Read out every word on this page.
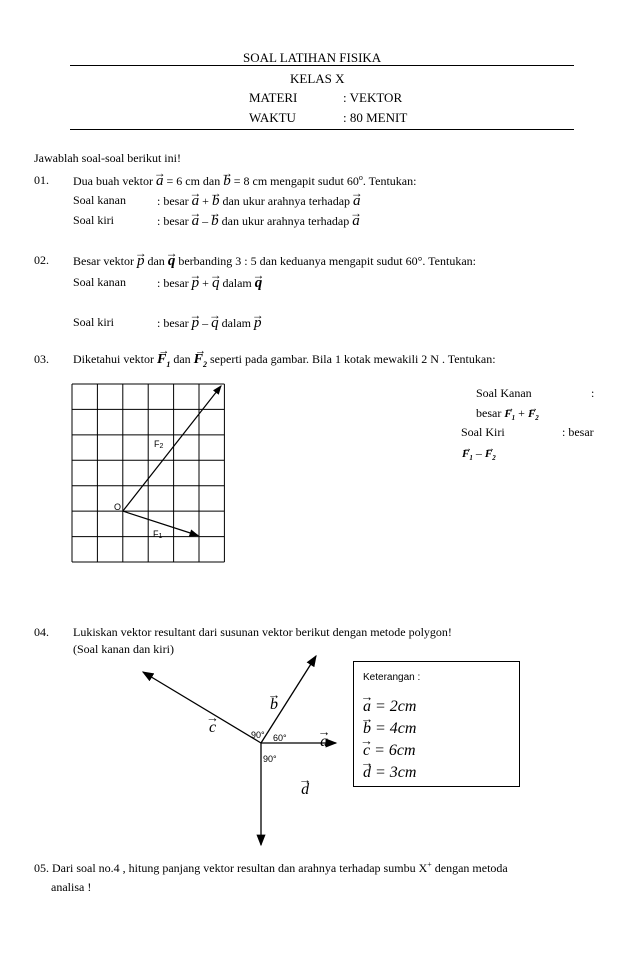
SOAL LATIHAN FISIKA
KELAS X
MATERI	: VEKTOR
WAKTU	: 80 MENIT
Jawablah soal-soal berikut ini!
01. Dua buah vektor → a = 6 cm dan → b = 8 cm mengapit sudut 60$^o$. Tentukan:
Soal kanan	: besar → a + → b dan ukur arahnya terhadap → a
Soal kiri	: besar → a – → b dan ukur arahnya terhadap → a
02. Besar vektor → p dan → q berbanding 3 : 5 dan keduanya mengapit sudut 60°. Tentukan:
Soal kanan	: besar → p + → q dalam → q
Soal kiri	: besar → p – → q dalam → p
03. Diketahui vektor → $F_1$ dan → $F_2$ seperti pada gambar. Bila 1 kotak mewakili 2 N . Tentukan:
Soal Kanan	:
besar → $F_1$ + → $F_2$
Soal Kiri	: besar
→ $F_1$ – → $F_2$
O
F2
F1
90° 60°
90°
04. Lukiskan vektor resultant dari susunan vektor berikut dengan metode polygon!
(Soal kanan dan kiri)
→ b → c → a → d
Keterangan :
→ a = 2cm
→ b = 4cm
→ c = 6cm
→ d = 3cm
05. Dari soal no.4 , hitung panjang vektor resultan dan arahnya terhadap sumbu X+ dengan metoda
analisa !
